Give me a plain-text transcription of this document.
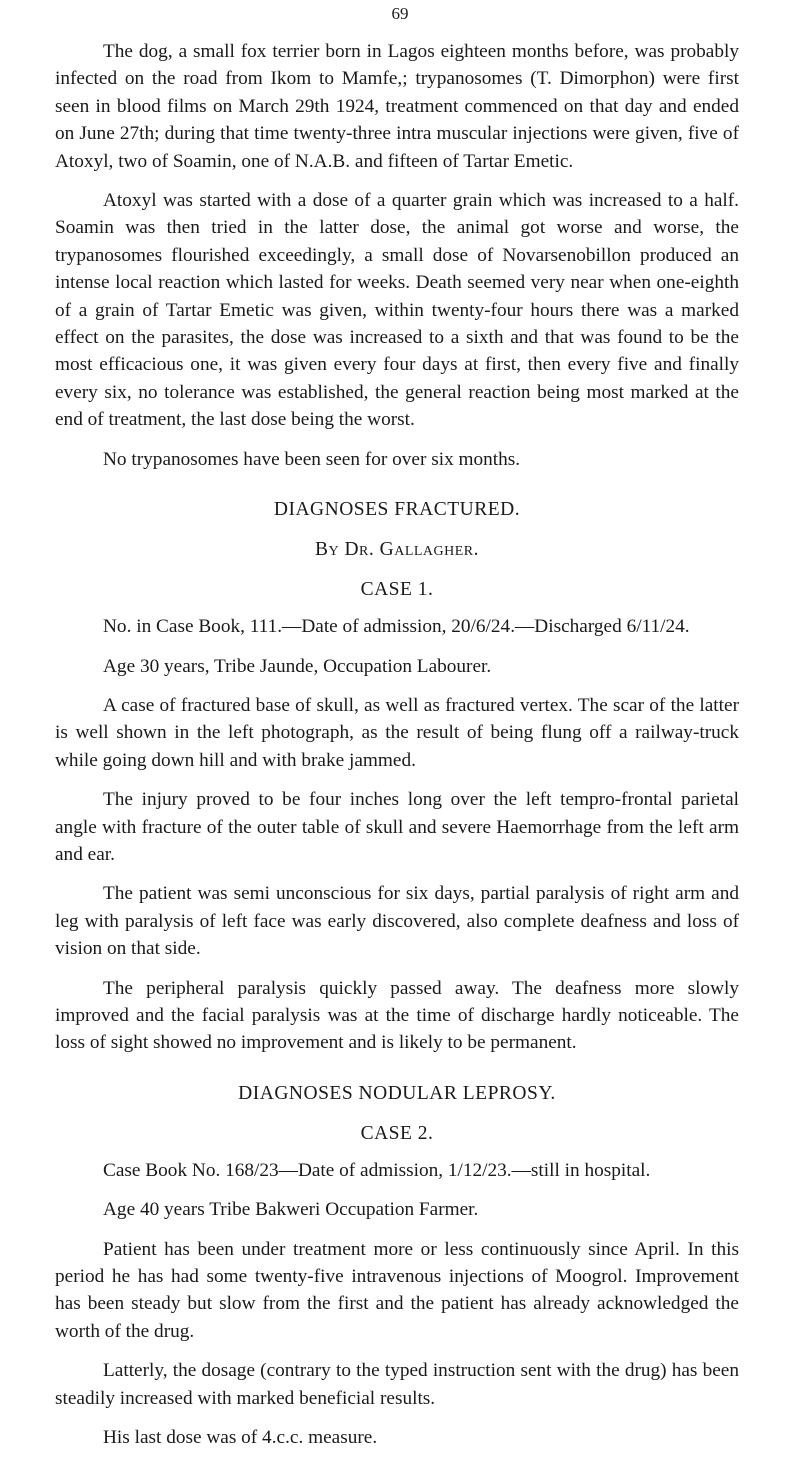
69

The dog, a small fox terrier born in Lagos eighteen months before, was probably infected on the road from Ikom to Mamfe,; trypanosomes (T. Dimorphon) were first seen in blood films on March 29th 1924, treatment commenced on that day and ended on June 27th; during that time twenty-three intra muscular injections were given, five of Atoxyl, two of Soamin, one of N.A.B. and fifteen of Tartar Emetic.

Atoxyl was started with a dose of a quarter grain which was increased to a half. Soamin was then tried in the latter dose, the animal got worse and worse, the trypanosomes flourished exceedingly, a small dose of Novarsenobillon produced an intense local reaction which lasted for weeks. Death seemed very near when one-eighth of a grain of Tartar Emetic was given, within twenty-four hours there was a marked effect on the parasites, the dose was increased to a sixth and that was found to be the most efficacious one, it was given every four days at first, then every five and finally every six, no tolerance was established, the general reaction being most marked at the end of treatment, the last dose being the worst.

No trypanosomes have been seen for over six months.

DIAGNOSES FRACTURED.
By Dr. Gallagher.
CASE 1.

No. in Case Book, 111.—Date of admission, 20/6/24.—Discharged 6/11/24.

Age 30 years, Tribe Jaunde, Occupation Labourer.

A case of fractured base of skull, as well as fractured vertex. The scar of the latter is well shown in the left photograph, as the result of being flung off a railway-truck while going down hill and with brake jammed.

The injury proved to be four inches long over the left tempro-frontal parietal angle with fracture of the outer table of skull and severe Haemorrhage from the left arm and ear.

The patient was semi unconscious for six days, partial paralysis of right arm and leg with paralysis of left face was early discovered, also complete deafness and loss of vision on that side.

The peripheral paralysis quickly passed away. The deafness more slowly improved and the facial paralysis was at the time of discharge hardly noticeable. The loss of sight showed no improvement and is likely to be permanent.

DIAGNOSES NODULAR LEPROSY.
CASE 2.

Case Book No. 168/23—Date of admission, 1/12/23.—still in hospital.

Age 40 years Tribe Bakweri Occupation Farmer.

Patient has been under treatment more or less continuously since April. In this period he has had some twenty-five intravenous injections of Moogrol. Improvement has been steady but slow from the first and the patient has already acknowledged the worth of the drug.

Latterly, the dosage (contrary to the typed instruction sent with the drug) has been steadily increased with marked beneficial results.

His last dose was of 4.c.c. measure.
